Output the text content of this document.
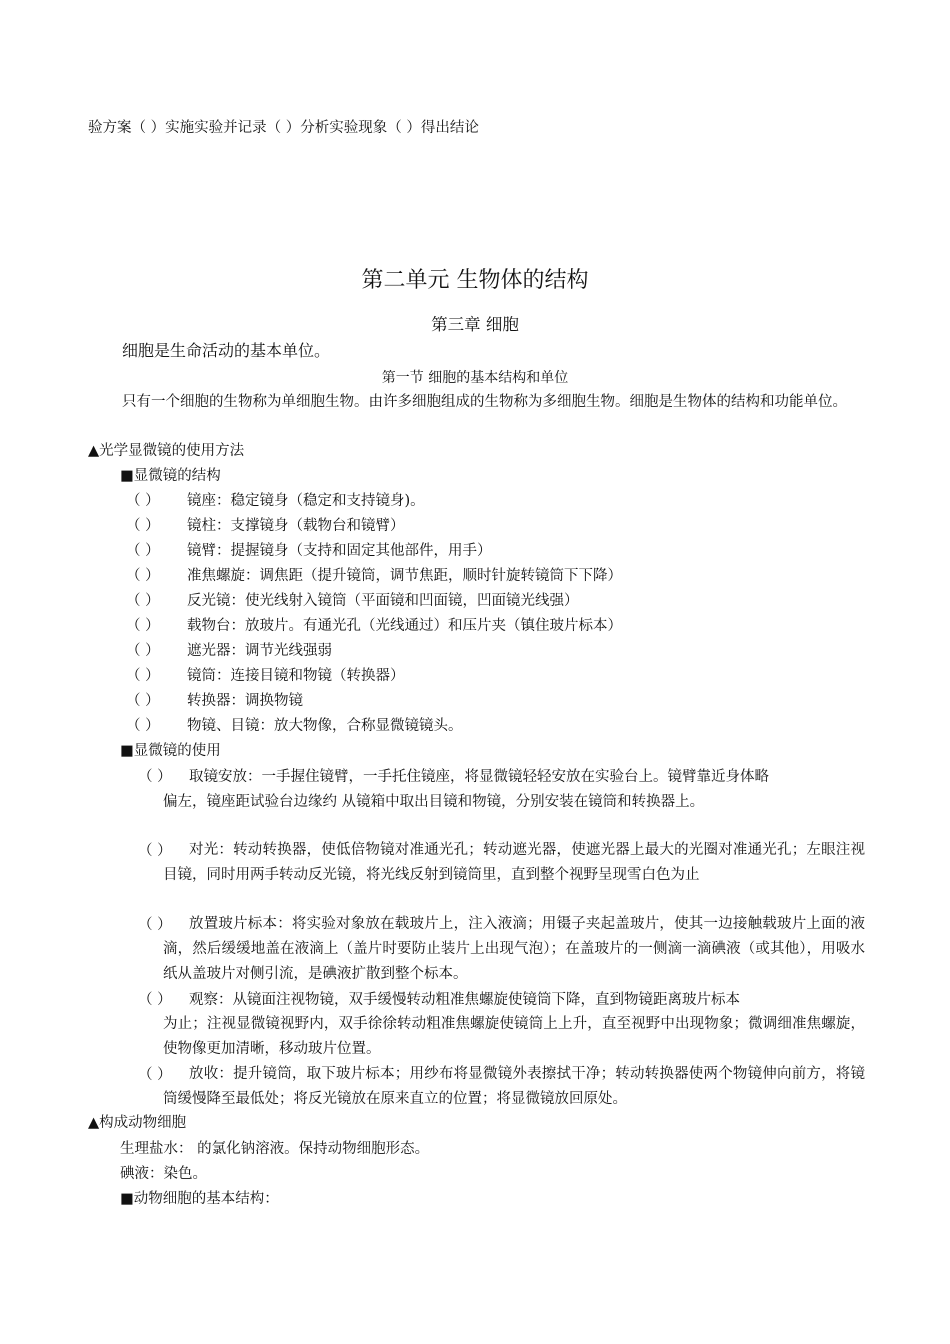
验方案（ ）实施实验并记录（ ）分析实验现象（ ）得出结论
第二单元 生物体的结构
第三章 细胞
细胞是生命活动的基本单位。
第一节 细胞的基本结构和单位
只有一个细胞的生物称为单细胞生物。由许多细胞组成的生物称为多细胞生物。细胞是生物体的结构和功能单位。
▲光学显微镜的使用方法
■显微镜的结构
（ ） 镜座：稳定镜身（稳定和支持镜身)。
（ ） 镜柱：支撑镜身（载物台和镜臂）
（ ） 镜臂：提握镜身（支持和固定其他部件，用手）
（ ） 准焦螺旋：调焦距（提升镜筒，调节焦距，顺时针旋转镜筒下下降）
（ ） 反光镜：使光线射入镜筒（平面镜和凹面镜，凹面镜光线强）
（ ） 载物台：放玻片。有通光孔（光线通过）和压片夹（镇住玻片标本）
（ ） 遮光器：调节光线强弱
（ ） 镜筒：连接目镜和物镜（转换器）
（ ） 转换器：调换物镜
（ ） 物镜、目镜：放大物像，合称显微镜镜头。
■显微镜的使用
（ ） 取镜安放：一手握住镜臂，一手托住镜座，将显微镜轻轻安放在实验台上。镜臂靠近身体略
偏左，镜座距试验台边缘约 从镜箱中取出目镜和物镜，分别安装在镜筒和转换器上。
（ ）	对光：转动转换器，使低倍物镜对准通光孔；转动遮光器，使遮光器上最大的光圈对准通光孔；左眼注视目镜，同时用两手转动反光镜，将光线反射到镜筒里，直到整个视野呈现雪白色为止
（ ）	放置玻片标本：将实验对象放在载玻片上，注入液滴；用镊子夹起盖玻片，使其一边接触载玻片上面的液滴，然后缓缓地盖在液滴上（盖片时要防止装片上出现气泡）；在盖玻片的一侧滴一滴碘液（或其他），用吸水纸从盖玻片对侧引流，是碘液扩散到整个标本。
（ ） 观察：从镜面注视物镜，双手缓慢转动粗准焦螺旋使镜筒下降，直到物镜距离玻片标本
为止；注视显微镜视野内，双手徐徐转动粗准焦螺旋使镜筒上上升，直至视野中出现物象；微调细准焦螺旋，使物像更加清晰，移动玻片位置。
（ ）	放收：提升镜筒，取下玻片标本；用纱布将显微镜外表擦拭干净；转动转换器使两个物镜伸向前方，将镜筒缓慢降至最低处；将反光镜放在原来直立的位置；将显微镜放回原处。
▲构成动物细胞
生理盐水： 的氯化钠溶液。保持动物细胞形态。
碘液：染色。
■动物细胞的基本结构：
